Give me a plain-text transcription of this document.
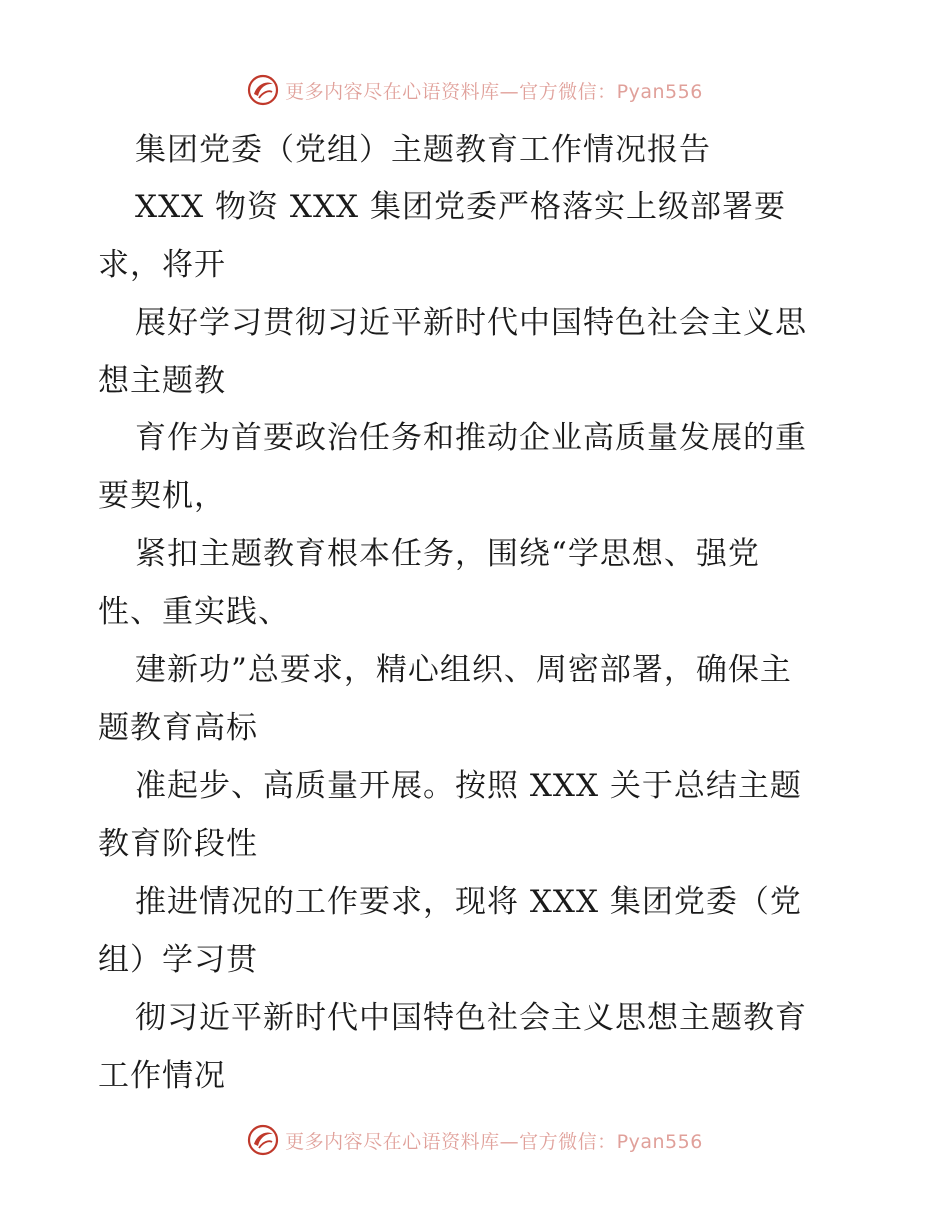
更多内容尽在心语资料库—官方微信：Pyan556
集团党委（党组）主题教育工作情况报告
XXX 物资 XXX 集团党委严格落实上级部署要
求，将开
展好学习贯彻习近平新时代中国特色社会主义思
想主题教
育作为首要政治任务和推动企业高质量发展的重
要契机，
紧扣主题教育根本任务，围绕“学思想、强党
性、重实践、
建新功”总要求，精心组织、周密部署，确保主
题教育高标
准起步、高质量开展。按照 XXX 关于总结主题
教育阶段性
推进情况的工作要求，现将 XXX 集团党委（党
组）学习贯
彻习近平新时代中国特色社会主义思想主题教育
工作情况
更多内容尽在心语资料库—官方微信：Pyan556
